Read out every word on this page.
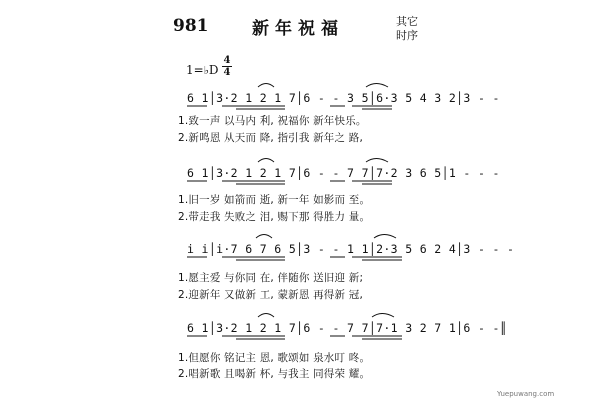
981	新年祝福	其它
时序
1=♭D
4
4
6 1│3·2 1 2 1 7│6 - - 3 5│6·3 5 4 3 2│3 - -
1.致一声 以马内 利, 祝福你 新年快乐。
2.新鸣恩 从天而 降, 指引我 新年之 路,
6 1│3·2 1 2 1 7│6 - - 7 7│7·2 3 6 5│1 - - -
1.旧一岁 如箭而 逝, 新一年 如影而 至。
2.带走我 失败之 泪, 赐下那 得胜力 量。
i i│i·7 6 7 6 5│3 - - 1 1│2·3 5 6 2 4│3 - - -
1.愿主爱 与你同 在, 伴随你 送旧迎 新;
2.迎新年 又做新 工, 蒙新恩 再得新 冠,
6 1│3·2 1 2 1 7│6 - - 7 7│7·1 3 2 7 1│6 - -║
1.但愿你 铭记主 恩, 歌颂如 泉水叮 咚。
2.唱新歌 且喝新 杯, 与我主 同得荣 耀。
Yuepuwang.com
